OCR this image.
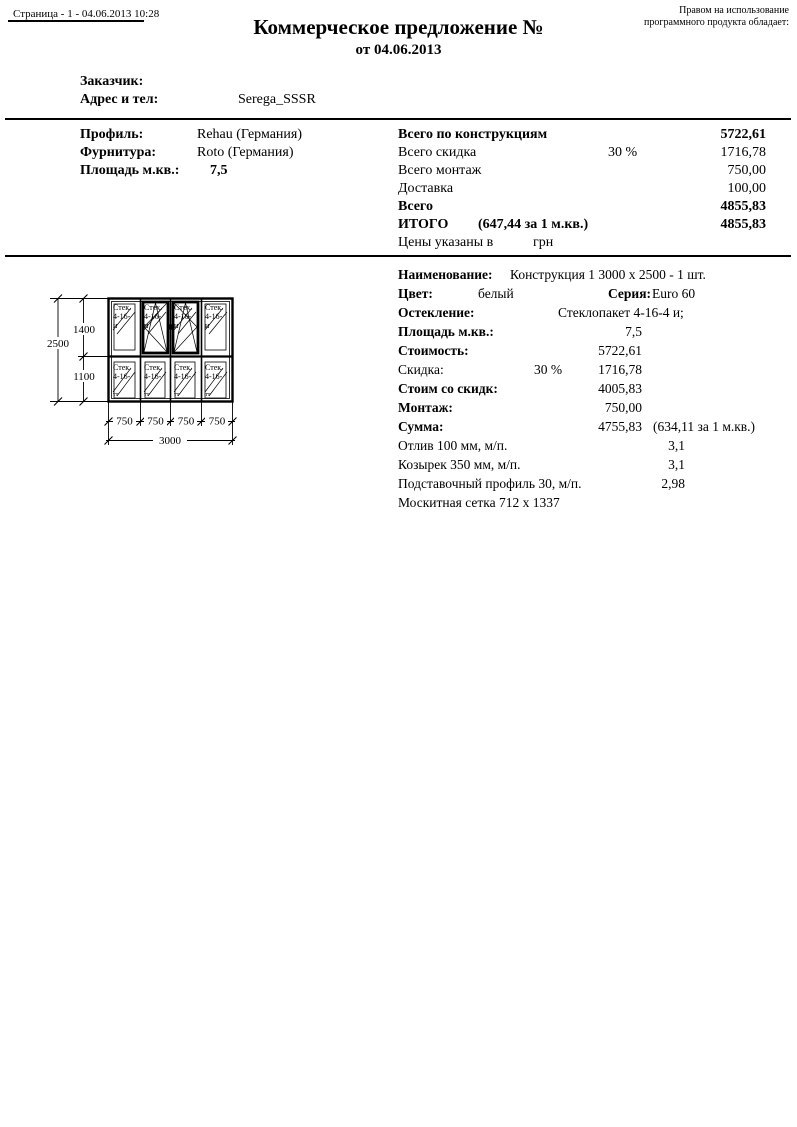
Страница - 1 - 04.06.2013 10:28	Правом на использование
программного продукта обладает:
Коммерческое предложение №
от 04.06.2013
Заказчик:
Адрес и тел:	Serega_SSSR
Профиль:	Rehau (Германия)
Фурнитура:	Roto (Германия)
Площадь м.кв.: 7,5
Всего по конструкциям	5722,61
Всего скидка	30 %	1716,78
Всего монтаж	750,00
Доставка	100,00
Всего	4855,83
ИТОГО (647,44 за 1 м.кв.)	4855,83
Цены указаны в	грн
2500
1400
1100
750 750 750 750
3000
Стек.
4-16-
и
Стек.
4-16-
и
Стек.
4-16-
и
Стек.
4-16-
и
Стек.
4-16-
тт
Стек.
4-16-
тт
Стек.
4-16-
тт
Стек.
4-16-
тт
Наименование: Конструкция 1 3000 x 2500 - 1 шт.
Цвет:	белый	Серия: Euro 60
Остекление:	Стеклопакет 4-16-4 и;
Площадь м.кв.:	7,5
Стоимость:	5722,61
Скидка:	30 %	1716,78
Стоим со скидк:	4005,83
Монтаж:	750,00
Сумма:	4755,83 (634,11 за 1 м.кв.)
Отлив 100 мм, м/п.	3,1
Козырек 350 мм, м/п.	3,1
Подставочный профиль 30, м/п.	2,98
Москитная сетка 712 x 1337
